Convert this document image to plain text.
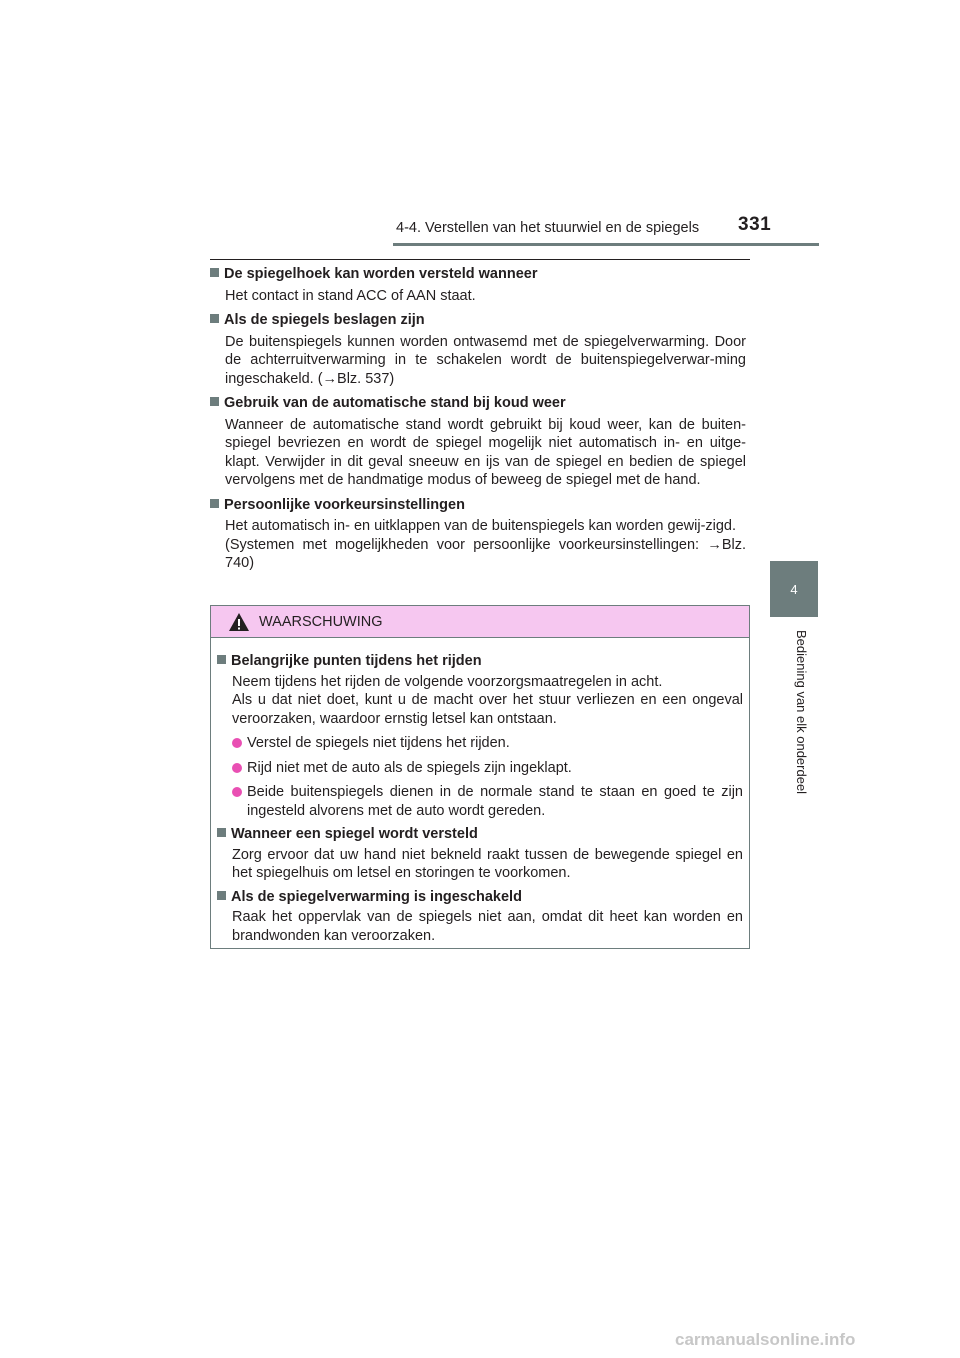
4-4. Verstellen van het stuurwiel en de spiegels 331
4
Bediening van elk onderdeel
De spiegelhoek kan worden versteld wanneer
Het contact in stand ACC of AAN staat.
Als de spiegels beslagen zijn
De buitenspiegels kunnen worden ontwasemd met de spiegelverwarming. Door de achterruitverwarming in te schakelen wordt de buitenspiegelverwar-ming ingeschakeld. (→Blz. 537)
Gebruik van de automatische stand bij koud weer
Wanneer de automatische stand wordt gebruikt bij koud weer, kan de buiten-spiegel bevriezen en wordt de spiegel mogelijk niet automatisch in- en uitge-klapt. Verwijder in dit geval sneeuw en ijs van de spiegel en bedien de spiegel vervolgens met de handmatige modus of beweeg de spiegel met de hand.
Persoonlijke voorkeursinstellingen
Het automatisch in- en uitklappen van de buitenspiegels kan worden gewij-zigd.
(Systemen met mogelijkheden voor persoonlijke voorkeursinstellingen: →Blz. 740)
WAARSCHUWING
Belangrijke punten tijdens het rijden
Neem tijdens het rijden de volgende voorzorgsmaatregelen in acht.
Als u dat niet doet, kunt u de macht over het stuur verliezen en een ongeval veroorzaken, waardoor ernstig letsel kan ontstaan.
Verstel de spiegels niet tijdens het rijden.
Rijd niet met de auto als de spiegels zijn ingeklapt.
Beide buitenspiegels dienen in de normale stand te staan en goed te zijn ingesteld alvorens met de auto wordt gereden.
Wanneer een spiegel wordt versteld
Zorg ervoor dat uw hand niet bekneld raakt tussen de bewegende spiegel en het spiegelhuis om letsel en storingen te voorkomen.
Als de spiegelverwarming is ingeschakeld
Raak het oppervlak van de spiegels niet aan, omdat dit heet kan worden en brandwonden kan veroorzaken.
carmanualsonline.info
